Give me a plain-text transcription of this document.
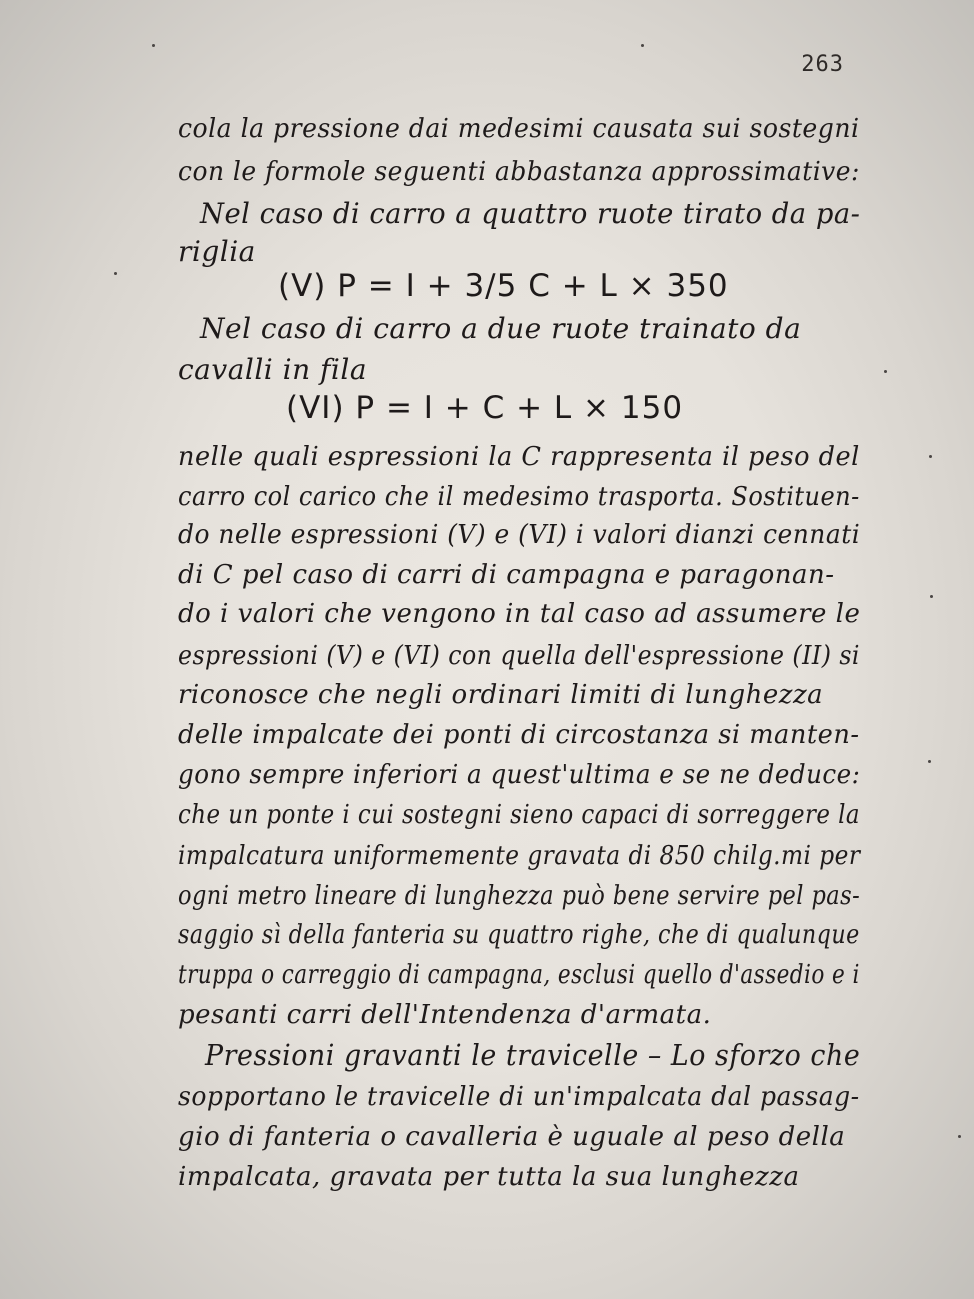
263
cola la pressione dai medesimi causata sui sostegni
con le formole seguenti abbastanza approssimative:
Nel caso di carro a quattro ruote tirato da pa-
riglia
(V) P = I + 3/5 C + L × 350
Nel caso di carro a due ruote trainato da
cavalli in fila
(VI) P = I + C + L × 150
nelle quali espressioni la C rappresenta il peso del
carro col carico che il medesimo trasporta. Sostituen-
do nelle espressioni (V) e (VI) i valori dianzi cennati
di C pel caso di carri di campagna e paragonan-
do i valori che vengono in tal caso ad assumere le
espressioni (V) e (VI) con quella dell'espressione (II) si
riconosce che negli ordinari limiti di lunghezza
delle impalcate dei ponti di circostanza si manten-
gono sempre inferiori a quest'ultima e se ne deduce:
che un ponte i cui sostegni sieno capaci di sorreggere la
impalcatura uniformemente gravata di 850 chilg.mi per
ogni metro lineare di lunghezza può bene servire pel pas-
saggio sì della fanteria su quattro righe, che di qualunque
truppa o carreggio di campagna, esclusi quello d'assedio e i
pesanti carri dell'Intendenza d'armata.
Pressioni gravanti le travicelle – Lo sforzo che
sopportano le travicelle di un'impalcata dal passag-
gio di fanteria o cavalleria è uguale al peso della
impalcata, gravata per tutta la sua lunghezza
